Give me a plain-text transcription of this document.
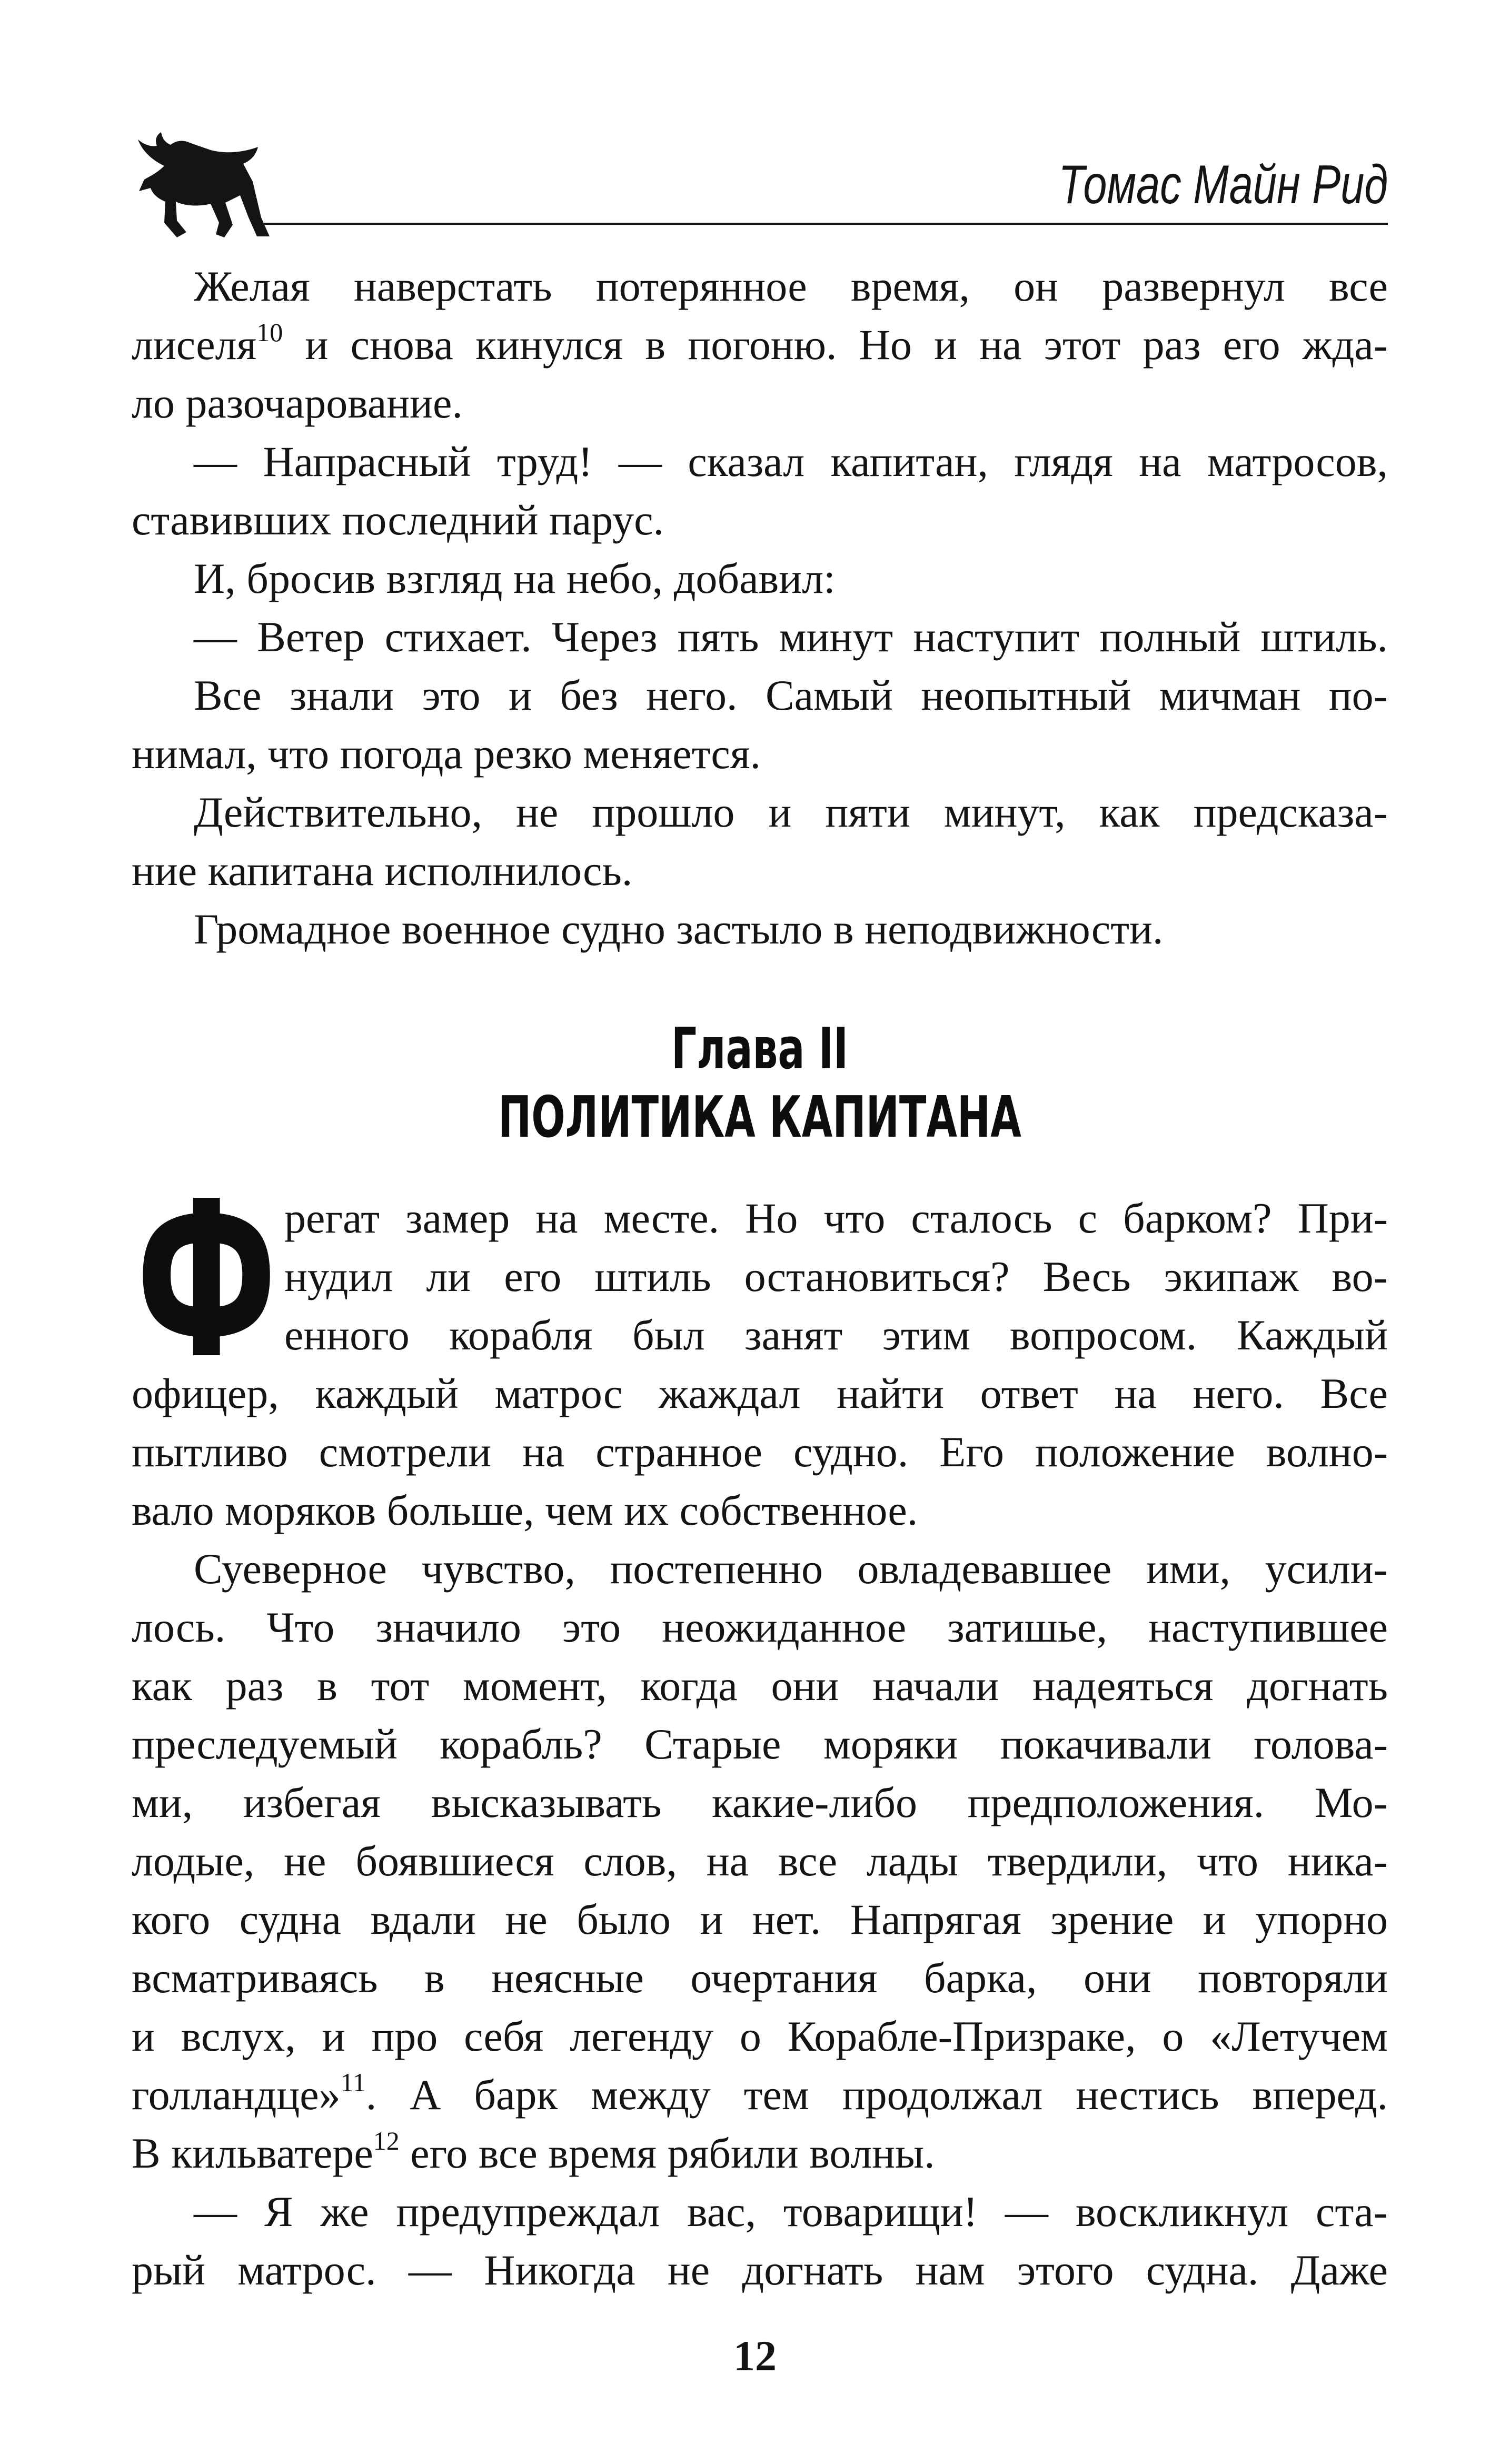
Томас Майн Рид
Желая наверстать потерянное время, он развернул все
лиселя$^{10}$ и снова кинулся в погоню. Но и на этот раз его жда-
ло разочарование.
— Напрасный труд! — сказал капитан, глядя на матросов,
ставивших последний парус.
И, бросив взгляд на небо, добавил:
— Ветер стихает. Через пять минут наступит полный штиль.
Все знали это и без него. Самый неопытный мичман по-
нимал, что погода резко меняется.
Действительно, не прошло и пяти минут, как предсказа-
ние капитана исполнилось.
Громадное военное судно застыло в неподвижности.
Глава II
ПОЛИТИКА КАПИТАНА
Ф регат замер на месте. Но что сталось с барком? При-
нудил ли его штиль остановиться? Весь экипаж во-
енного корабля был занят этим вопросом. Каждый
офицер, каждый матрос жаждал найти ответ на него. Все
пытливо смотрели на странное судно. Его положение волно-
вало моряков больше, чем их собственное.
Суеверное чувство, постепенно овладевавшее ими, усили-
лось. Что значило это неожиданное затишье, наступившее
как раз в тот момент, когда они начали надеяться догнать
преследуемый корабль? Старые моряки покачивали голова-
ми, избегая высказывать какие-либо предположения. Мо-
лодые, не боявшиеся слов, на все лады твердили, что ника-
кого судна вдали не было и нет. Напрягая зрение и упорно
всматриваясь в неясные очертания барка, они повторяли
и вслух, и про себя легенду о Корабле-Призраке, о «Летучем
голландце»$^{11}$. А барк между тем продолжал нестись вперед.
В кильватере$^{12}$ его все время рябили волны.
— Я же предупреждал вас, товарищи! — воскликнул ста-
рый матрос. — Никогда не догнать нам этого судна. Даже
12
